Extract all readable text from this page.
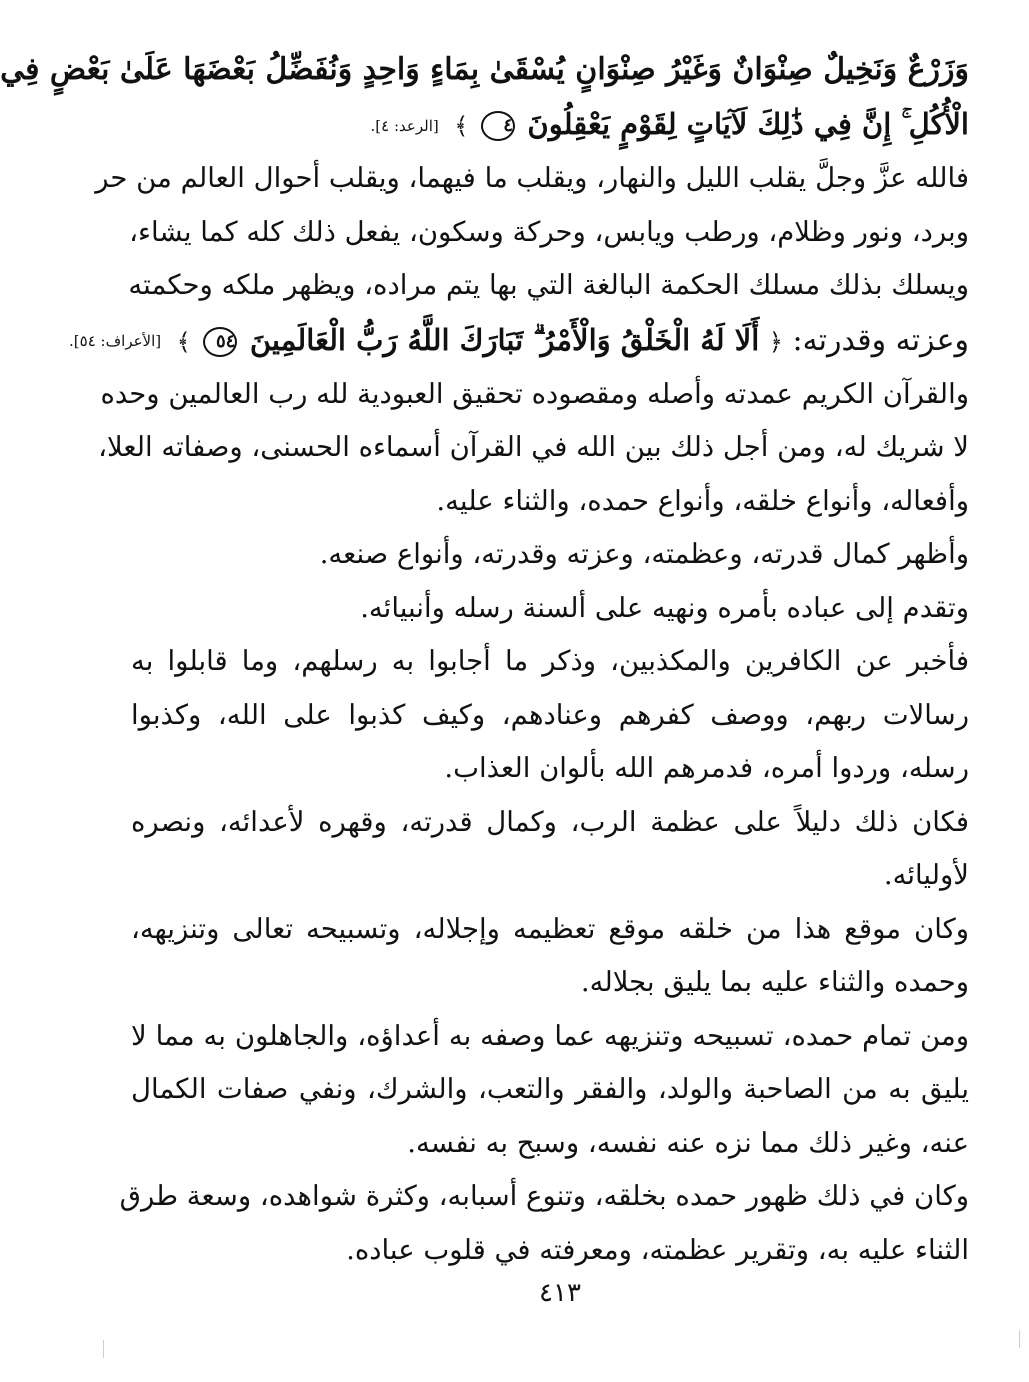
وَزَرْعٌ وَنَخِيلٌ صِنْوَانٌ وَغَيْرُ صِنْوَانٍ يُسْقَىٰ بِمَاءٍ وَاحِدٍ وَنُفَضِّلُ بَعْضَهَا عَلَىٰ بَعْضٍ فِي
الْأُكُلِ ۚ إِنَّ فِي ذَٰلِكَ لَآيَاتٍ لِقَوْمٍ يَعْقِلُونَ ٤ ﴾ [الرعد: ٤].
فالله عزَّ وجلَّ يقلب الليل والنهار، ويقلب ما فيهما، ويقلب أحوال العالم من حر
وبرد، ونور وظلام، ورطب ويابس، وحركة وسكون، يفعل ذلك كله كما يشاء،
ويسلك بذلك مسلك الحكمة البالغة التي بها يتم مراده، ويظهر ملكه وحكمته
وعزته وقدرته: ﴿ أَلَا لَهُ الْخَلْقُ وَالْأَمْرُ ۗ تَبَارَكَ اللَّهُ رَبُّ الْعَالَمِينَ ٥٤ ﴾ [الأعراف: ٥٤].
والقرآن الكريم عمدته وأصله ومقصوده تحقيق العبودية لله رب العالمين وحده
لا شريك له، ومن أجل ذلك بين الله في القرآن أسماءه الحسنى، وصفاته العلا،
وأفعاله، وأنواع خلقه، وأنواع حمده، والثناء عليه.
وأظهر كمال قدرته، وعظمته، وعزته وقدرته، وأنواع صنعه.
وتقدم إلى عباده بأمره ونهيه على ألسنة رسله وأنبيائه.
فأخبر عن الكافرين والمكذبين، وذكر ما أجابوا به رسلهم، وما قابلوا به
رسالات ربهم، ووصف كفرهم وعنادهم، وكيف كذبوا على الله، وكذبوا
رسله، وردوا أمره، فدمرهم الله بألوان العذاب.
فكان ذلك دليلاً على عظمة الرب، وكمال قدرته، وقهره لأعدائه، ونصره
لأوليائه.
وكان موقع هذا من خلقه موقع تعظيمه وإجلاله، وتسبيحه تعالى وتنزيهه،
وحمده والثناء عليه بما يليق بجلاله.
ومن تمام حمده، تسبيحه وتنزيهه عما وصفه به أعداؤه، والجاهلون به مما لا
يليق به من الصاحبة والولد، والفقر والتعب، والشرك، ونفي صفات الكمال
عنه، وغير ذلك مما نزه عنه نفسه، وسبح به نفسه.
وكان في ذلك ظهور حمده بخلقه، وتنوع أسبابه، وكثرة شواهده، وسعة طرق
الثناء عليه به، وتقرير عظمته، ومعرفته في قلوب عباده.
٤١٣
